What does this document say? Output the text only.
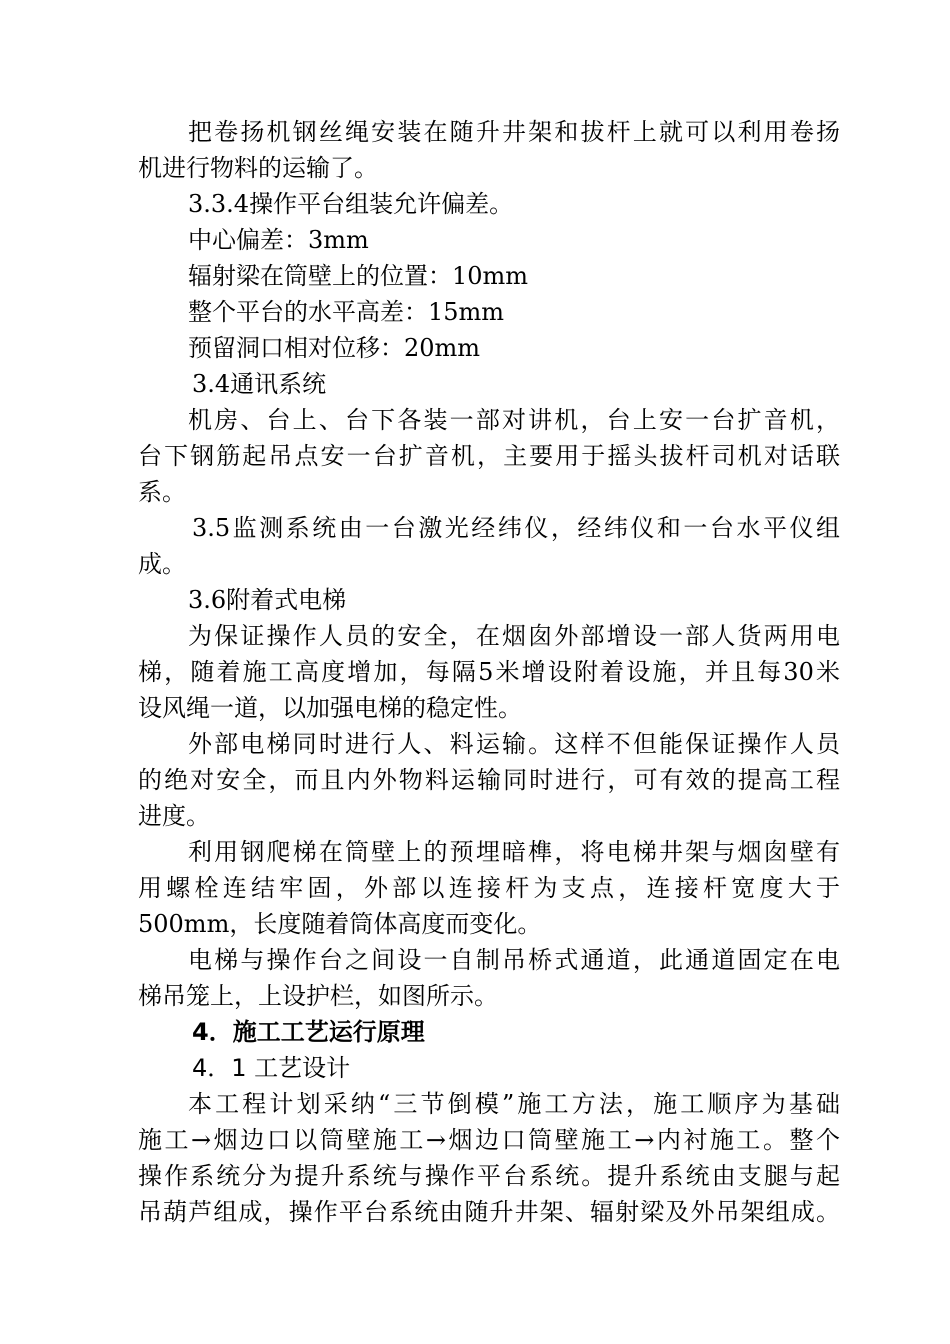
把卷扬机钢丝绳安装在随升井架和拔杆上就可以利用卷扬
机进行物料的运输了。
3.3.4操作平台组装允许偏差。
中心偏差：3mm
辐射梁在筒壁上的位置：10mm
整个平台的水平高差：15mm
预留洞口相对位移：20mm
3.4通讯系统
机房、台上、台下各装一部对讲机，台上安一台扩音机，
台下钢筋起吊点安一台扩音机，主要用于摇头拔杆司机对话联
系。
3.5监测系统由一台激光经纬仪，经纬仪和一台水平仪组
成。
3.6附着式电梯
为保证操作人员的安全，在烟囱外部增设一部人货两用电
梯，随着施工高度增加，每隔5米增设附着设施，并且每30米
设风绳一道，以加强电梯的稳定性。
外部电梯同时进行人、料运输。这样不但能保证操作人员
的绝对安全，而且内外物料运输同时进行，可有效的提高工程
进度。
利用钢爬梯在筒壁上的预埋暗榫，将电梯井架与烟囱壁有
用螺栓连结牢固，外部以连接杆为支点，连接杆宽度大于
500mm，长度随着筒体高度而变化。
电梯与操作台之间设一自制吊桥式通道，此通道固定在电
梯吊笼上，上设护栏，如图所示。
4．施工工艺运行原理
4．1 工艺设计
本工程计划采纳“三节倒模”施工方法，施工顺序为基础
施工→烟边口以筒壁施工→烟边口筒壁施工→内衬施工。整个
操作系统分为提升系统与操作平台系统。提升系统由支腿与起
吊葫芦组成，操作平台系统由随升井架、辐射梁及外吊架组成。
